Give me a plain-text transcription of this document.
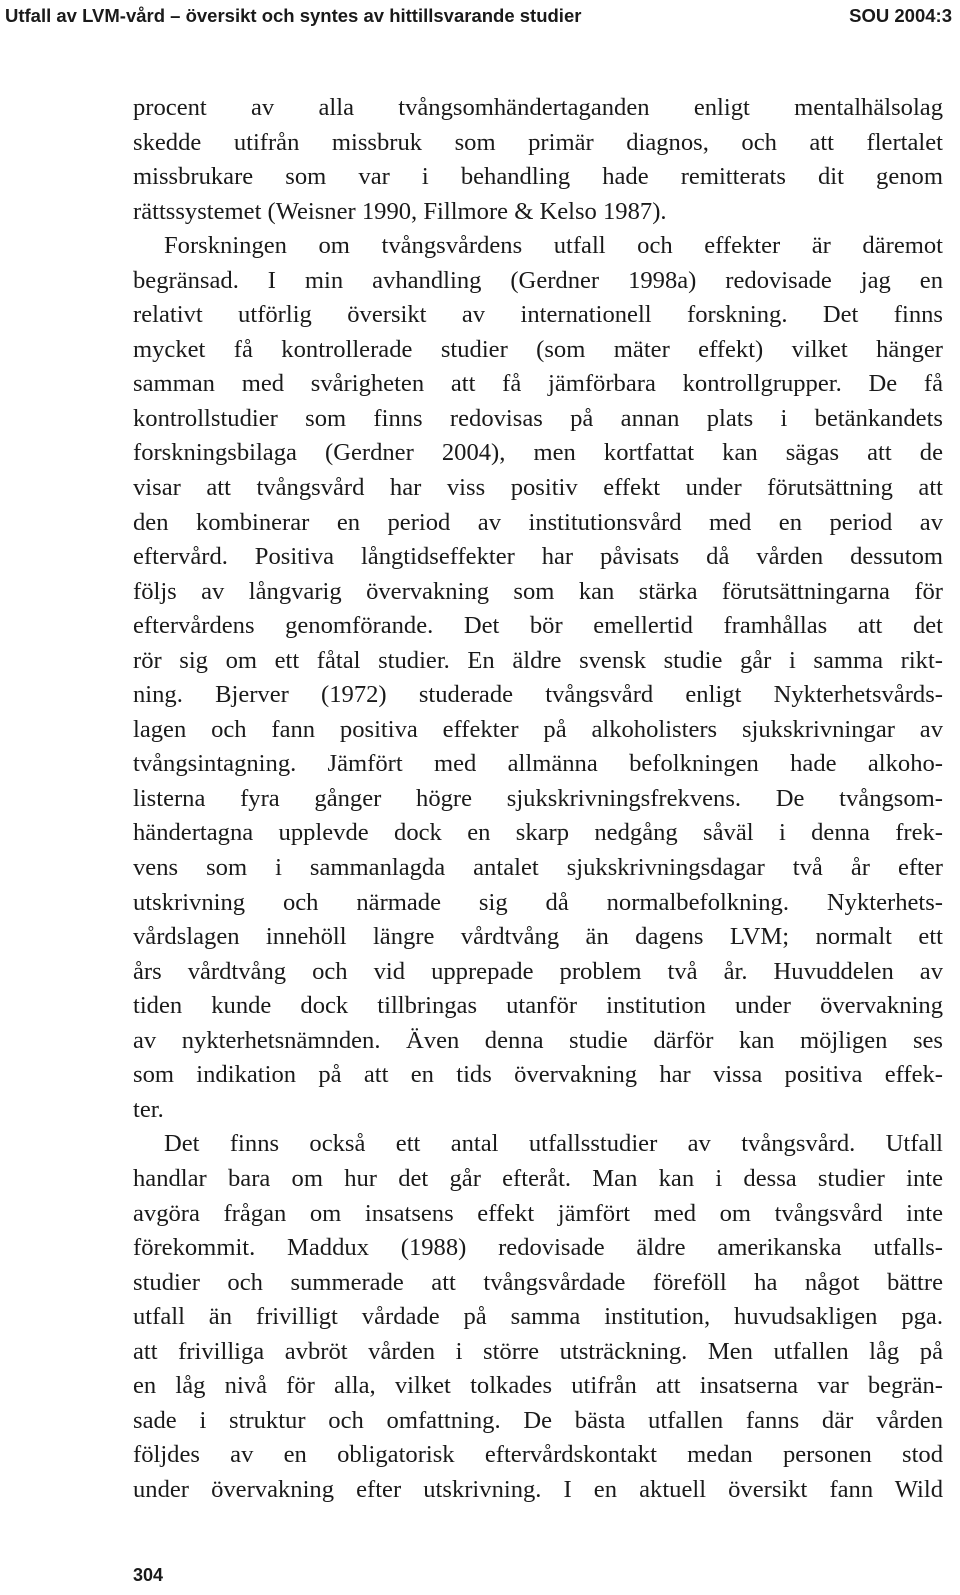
Utfall av LVM-vård – översikt och syntes av hittillsvarande studier	SOU 2004:3
procent av alla tvångsomhändertaganden enligt mentalhälsolag
skedde utifrån missbruk som primär diagnos, och att flertalet
missbrukare som var i behandling hade remitterats dit genom
rättssystemet (Weisner 1990, Fillmore & Kelso 1987).
Forskningen om tvångsvårdens utfall och effekter är däremot
begränsad. I min avhandling (Gerdner 1998a) redovisade jag en
relativt utförlig översikt av internationell forskning. Det finns
mycket få kontrollerade studier (som mäter effekt) vilket hänger
samman med svårigheten att få jämförbara kontrollgrupper. De få
kontrollstudier som finns redovisas på annan plats i betänkandets
forskningsbilaga (Gerdner 2004), men kortfattat kan sägas att de
visar att tvångsvård har viss positiv effekt under förutsättning att
den kombinerar en period av institutionsvård med en period av
eftervård. Positiva långtidseffekter har påvisats då vården dessutom
följs av långvarig övervakning som kan stärka förutsättningarna för
eftervårdens genomförande. Det bör emellertid framhållas att det
rör sig om ett fåtal studier. En äldre svensk studie går i samma rikt-
ning. Bjerver (1972) studerade tvångsvård enligt Nykterhetsvårds-
lagen och fann positiva effekter på alkoholisters sjukskrivningar av
tvångsintagning. Jämfört med allmänna befolkningen hade alkoho-
listerna fyra gånger högre sjukskrivningsfrekvens. De tvångsom-
händertagna upplevde dock en skarp nedgång såväl i denna frek-
vens som i sammanlagda antalet sjukskrivningsdagar två år efter
utskrivning och närmade sig då normalbefolkning. Nykterhets-
vårdslagen innehöll längre vårdtvång än dagens LVM; normalt ett
års vårdtvång och vid upprepade problem två år. Huvuddelen av
tiden kunde dock tillbringas utanför institution under övervakning
av nykterhetsnämnden. Även denna studie därför kan möjligen ses
som indikation på att en tids övervakning har vissa positiva effek-
ter.
Det finns också ett antal utfallsstudier av tvångsvård. Utfall
handlar bara om hur det går efteråt. Man kan i dessa studier inte
avgöra frågan om insatsens effekt jämfört med om tvångsvård inte
förekommit. Maddux (1988) redovisade äldre amerikanska utfalls-
studier och summerade att tvångsvårdade föreföll ha något bättre
utfall än frivilligt vårdade på samma institution, huvudsakligen pga.
att frivilliga avbröt vården i större utsträckning. Men utfallen låg på
en låg nivå för alla, vilket tolkades utifrån att insatserna var begrän-
sade i struktur och omfattning. De bästa utfallen fanns där vården
följdes av en obligatorisk eftervårdskontakt medan personen stod
under övervakning efter utskrivning. I en aktuell översikt fann Wild
304
